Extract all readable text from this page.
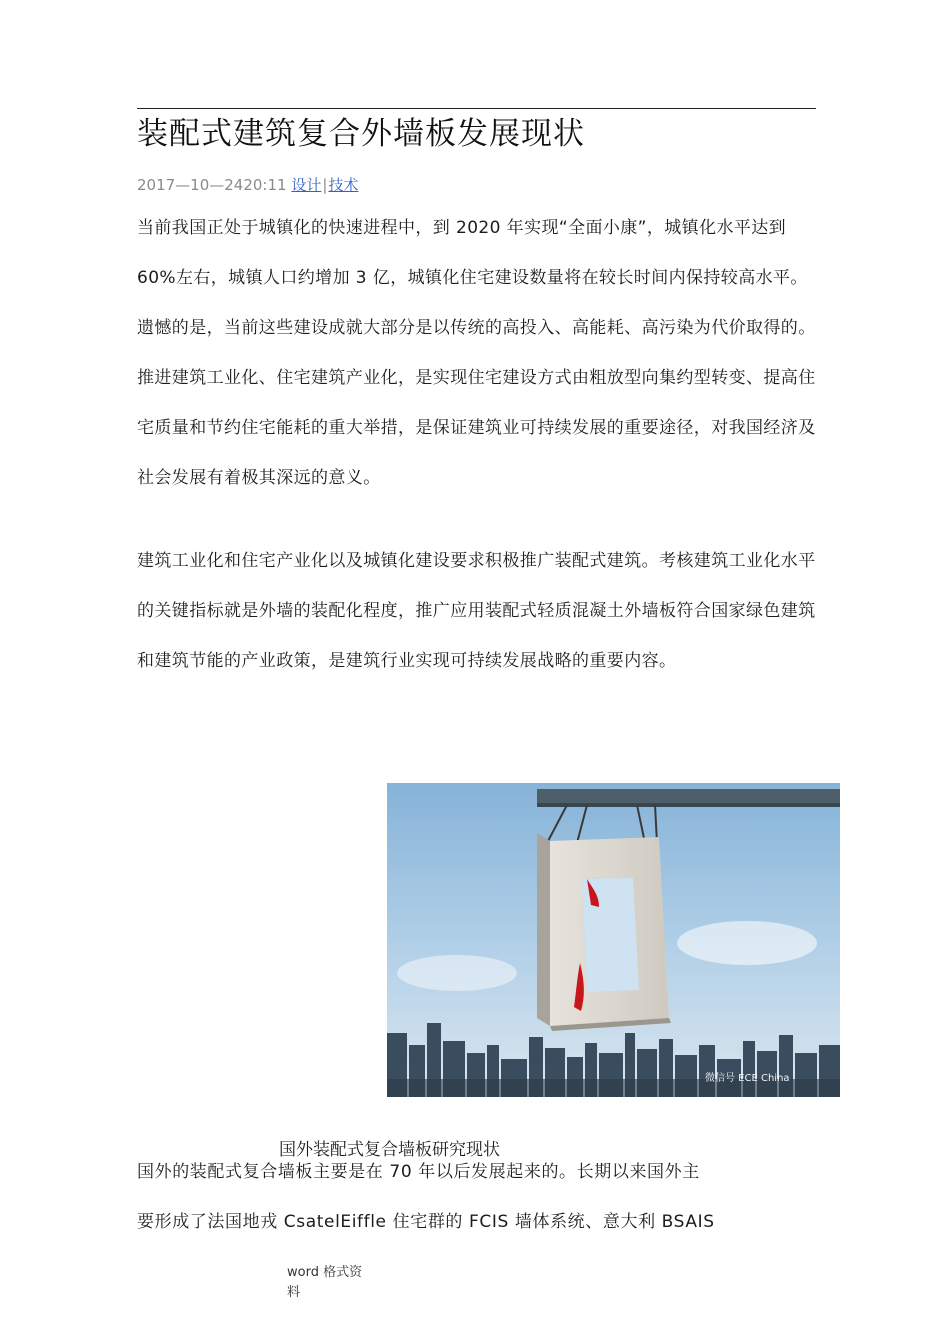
装配式建筑复合外墙板发展现状
2017—10—2420:11 设计|技术

当前我国正处于城镇化的快速进程中，到 2020 年实现“全面小康”，城镇化水平达到 60%左右，城镇人口约增加 3 亿，城镇化住宅建设数量将在较长时间内保持较高水平。遗憾的是，当前这些建设成就大部分是以传统的高投入、高能耗、高污染为代价取得的。推进建筑工业化、住宅建筑产业化，是实现住宅建设方式由粗放型向集约型转变、提高住宅质量和节约住宅能耗的重大举措，是保证建筑业可持续发展的重要途径，对我国经济及社会发展有着极其深远的意义。

建筑工业化和住宅产业化以及城镇化建设要求积极推广装配式建筑。考核建筑工业化水平的关键指标就是外墙的装配化程度，推广应用装配式轻质混凝土外墙板符合国家绿色建筑和建筑节能的产业政策，是建筑行业实现可持续发展战略的重要内容。

微信号 ECE China
国外装配式复合墙板研究现状
国外的装配式复合墙板主要是在 70 年以后发展起来的。长期以来国外主
要形成了法国地戎 CsatelEiffle 住宅群的 FCIS 墙体系统、意大利 BSAIS
word 格式资料
